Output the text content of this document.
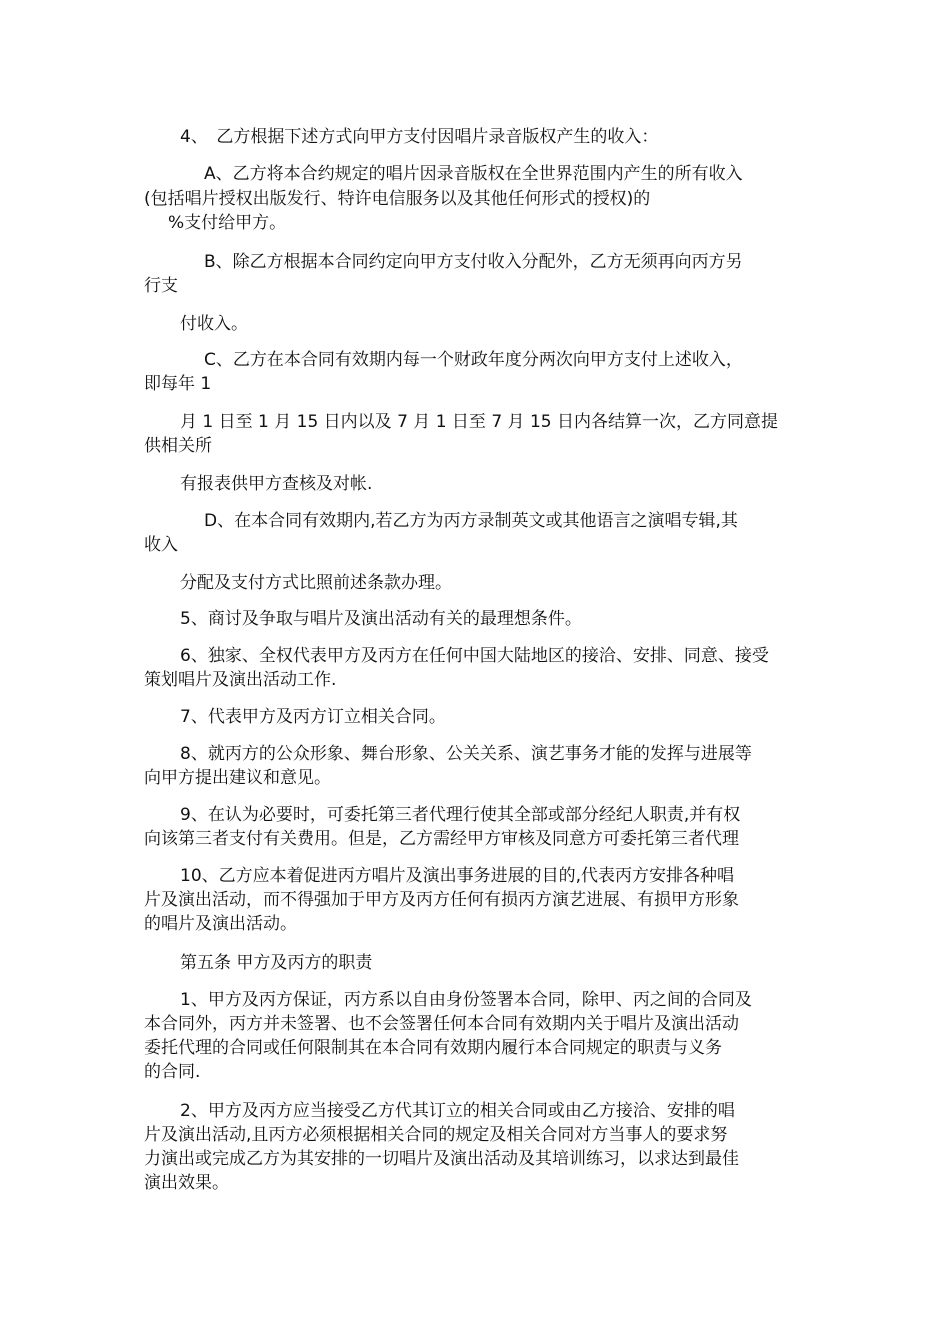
4、　乙方根据下述方式向甲方支付因唱片录音版权产生的收入：
A、乙方将本合约规定的唱片因录音版权在全世界范围内产生的所有收入
(包括唱片授权出版发行、特许电信服务以及其他任何形式的授权)的
%支付给甲方。
B、除乙方根据本合同约定向甲方支付收入分配外，乙方无须再向丙方另
行支
付收入。
C、乙方在本合同有效期内每一个财政年度分两次向甲方支付上述收入，
即每年 1
月 1 日至 1 月 15 日内以及 7 月 1 日至 7 月 15 日内各结算一次，乙方同意提
供相关所
有报表供甲方查核及对帐.
D、在本合同有效期内,若乙方为丙方录制英文或其他语言之演唱专辑,其
收入
分配及支付方式比照前述条款办理。
5、商讨及争取与唱片及演出活动有关的最理想条件。
6、独家、全权代表甲方及丙方在任何中国大陆地区的接洽、安排、同意、接受
策划唱片及演出活动工作.
7、代表甲方及丙方订立相关合同。
8、就丙方的公众形象、舞台形象、公关关系、演艺事务才能的发挥与进展等
向甲方提出建议和意见。
9、在认为必要时，可委托第三者代理行使其全部或部分经纪人职责,并有权
向该第三者支付有关费用。但是，乙方需经甲方审核及同意方可委托第三者代理
10、乙方应本着促进丙方唱片及演出事务进展的目的,代表丙方安排各种唱
片及演出活动，而不得强加于甲方及丙方任何有损丙方演艺进展、有损甲方形象
的唱片及演出活动。
第五条 甲方及丙方的职责
1、甲方及丙方保证，丙方系以自由身份签署本合同，除甲、丙之间的合同及
本合同外，丙方并未签署、也不会签署任何本合同有效期内关于唱片及演出活动
委托代理的合同或任何限制其在本合同有效期内履行本合同规定的职责与义务
的合同.
2、甲方及丙方应当接受乙方代其订立的相关合同或由乙方接洽、安排的唱
片及演出活动,且丙方必须根据相关合同的规定及相关合同对方当事人的要求努
力演出或完成乙方为其安排的一切唱片及演出活动及其培训练习，以求达到最佳
演出效果。
